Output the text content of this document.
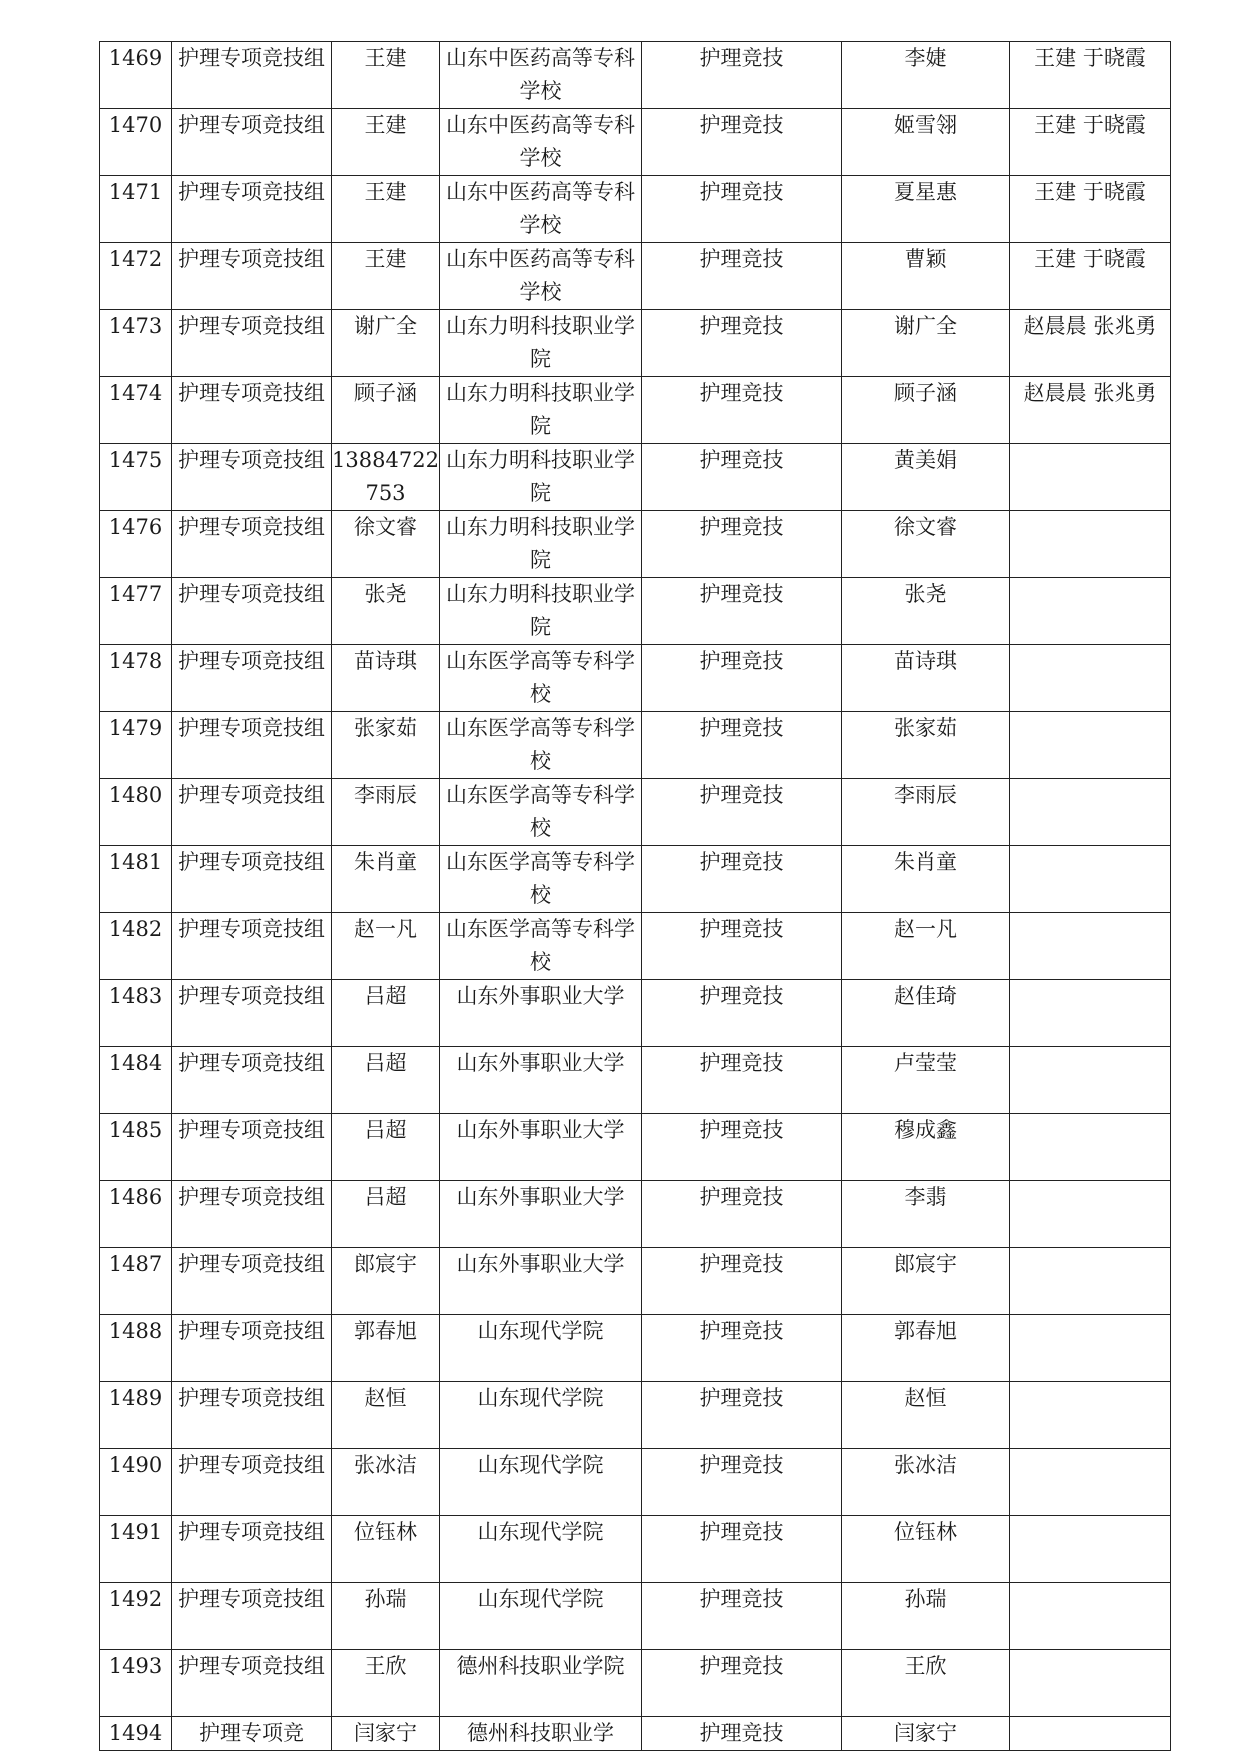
1469	护理专项竞技组	王建	山东中医药高等专科学校	护理竞技	李婕	王建 于晓霞

1470	护理专项竞技组	王建	山东中医药高等专科学校	护理竞技	姬雪翎	王建 于晓霞

1471	护理专项竞技组	王建	山东中医药高等专科学校	护理竞技	夏星惠	王建 于晓霞

1472	护理专项竞技组	王建	山东中医药高等专科学校	护理竞技	曹颖	王建 于晓霞

1473	护理专项竞技组	谢广全	山东力明科技职业学院	护理竞技	谢广全	赵晨晨 张兆勇

1474	护理专项竞技组	顾子涵	山东力明科技职业学院	护理竞技	顾子涵	赵晨晨 张兆勇

1475	护理专项竞技组	13884722753	山东力明科技职业学院	护理竞技	黄美娟	

1476	护理专项竞技组	徐文睿	山东力明科技职业学院	护理竞技	徐文睿	

1477	护理专项竞技组	张尧	山东力明科技职业学院	护理竞技	张尧	

1478	护理专项竞技组	苗诗琪	山东医学高等专科学校	护理竞技	苗诗琪	

1479	护理专项竞技组	张家茹	山东医学高等专科学校	护理竞技	张家茹	

1480	护理专项竞技组	李雨辰	山东医学高等专科学校	护理竞技	李雨辰	

1481	护理专项竞技组	朱肖童	山东医学高等专科学校	护理竞技	朱肖童	

1482	护理专项竞技组	赵一凡	山东医学高等专科学校	护理竞技	赵一凡	

1483	护理专项竞技组	吕超	山东外事职业大学	护理竞技	赵佳琦	

1484	护理专项竞技组	吕超	山东外事职业大学	护理竞技	卢莹莹	

1485	护理专项竞技组	吕超	山东外事职业大学	护理竞技	穆成鑫	

1486	护理专项竞技组	吕超	山东外事职业大学	护理竞技	李翡	

1487	护理专项竞技组	郎宸宇	山东外事职业大学	护理竞技	郎宸宇	

1488	护理专项竞技组	郭春旭	山东现代学院	护理竞技	郭春旭	

1489	护理专项竞技组	赵恒	山东现代学院	护理竞技	赵恒	

1490	护理专项竞技组	张冰洁	山东现代学院	护理竞技	张冰洁	

1491	护理专项竞技组	位钰林	山东现代学院	护理竞技	位钰林	

1492	护理专项竞技组	孙瑞	山东现代学院	护理竞技	孙瑞	

1493	护理专项竞技组	王欣	德州科技职业学院	护理竞技	王欣	

1494	护理专项竞	闫家宁	德州科技职业学	护理竞技	闫家宁	
